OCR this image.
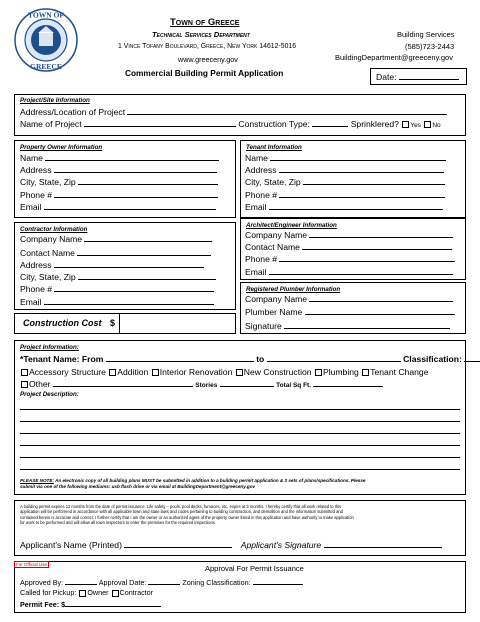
TOWN OF
GREECE
Town of Greece
Technical Services Department
1 Vince Tofany Boulevard, Greece, New York 14612-5016
www.greeceny.gov
Commercial Building Permit Application
Building Services
(585)723-2443
BuildingDepartment@greeceny.gov
Date:
Project/Site Information
Address/Location of Project
Name of Project	Construction Type:	Sprinklered? Yes No
Property Owner Information
Name
Address
City, State, Zip
Phone #
Email
Tenant Information
Name
Address
City, State, Zip
Phone #
Email
Contractor Information
Company Name
Contact Name
Address
City, State, Zip
Phone #
Email
Architect/Engineer Information
Company Name
Contact Name
Phone #
Email
Registered Plumber Information
Company Name
Plumber Name
Signature
Construction Cost $
Project Information:
*Tenant Name: From	to	Classification:
Accessory Structure Addition Interior Renovation New Construction Plumbing Tenant Change
Other	Stories	Total Sq Ft.
Project Description:
PLEASE NOTE: An electronic copy of all building plans MUST be submitted in addition to a building permit application & 3 sets of plans/specifications. Please
submit via one of the following mediums: usb flash drive or via email at BuildingDepartment@greeceny.gov
A building permit expires 12 months from the date of permit issuance. Life safety – pools, pool decks, furnaces, etc. expire at 3 months. I hereby certify that all work related to this
application will be performed in accordance with all applicable town and state laws and codes pertaining to building construction, and demolition and the information submitted and
contained herein is accurate and correct. I further certify that I am the owner or an authorized agent of the property owner listed in this application and have authority to make application
for work to be performed and will allow all town inspectors to enter the premises for the required inspections.
Applicant's Name (Printed)	Applicant's Signature
For Official Use	Approval For Permit Issuance
Approved By:	Approval Date:	Zoning Classification:
Called for Pickup: Owner Contractor
Permit Fee: $
